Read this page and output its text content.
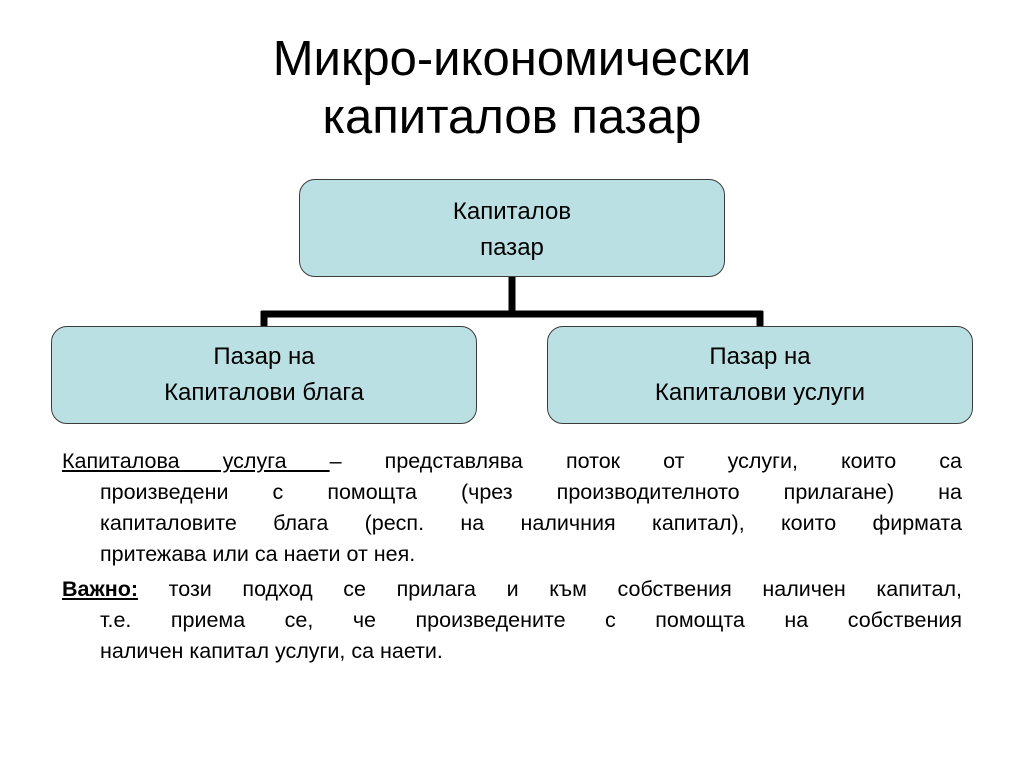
Микро-икономически
капиталов пазар
Капиталов
пазар
Пазар на
Капиталови блага
Пазар на
Капиталови услуги
Капиталова услуга – представлява поток от услуги, които са
произведени с помощта (чрез производителното прилагане) на
капиталовите блага (респ. на наличния капитал), които фирмата
притежава или са наети от нея.
Важно: този подход се прилага и към собствения наличен капитал,
т.е. приема се, че произведените с помощта на собствения
наличен капитал услуги, са наети.
